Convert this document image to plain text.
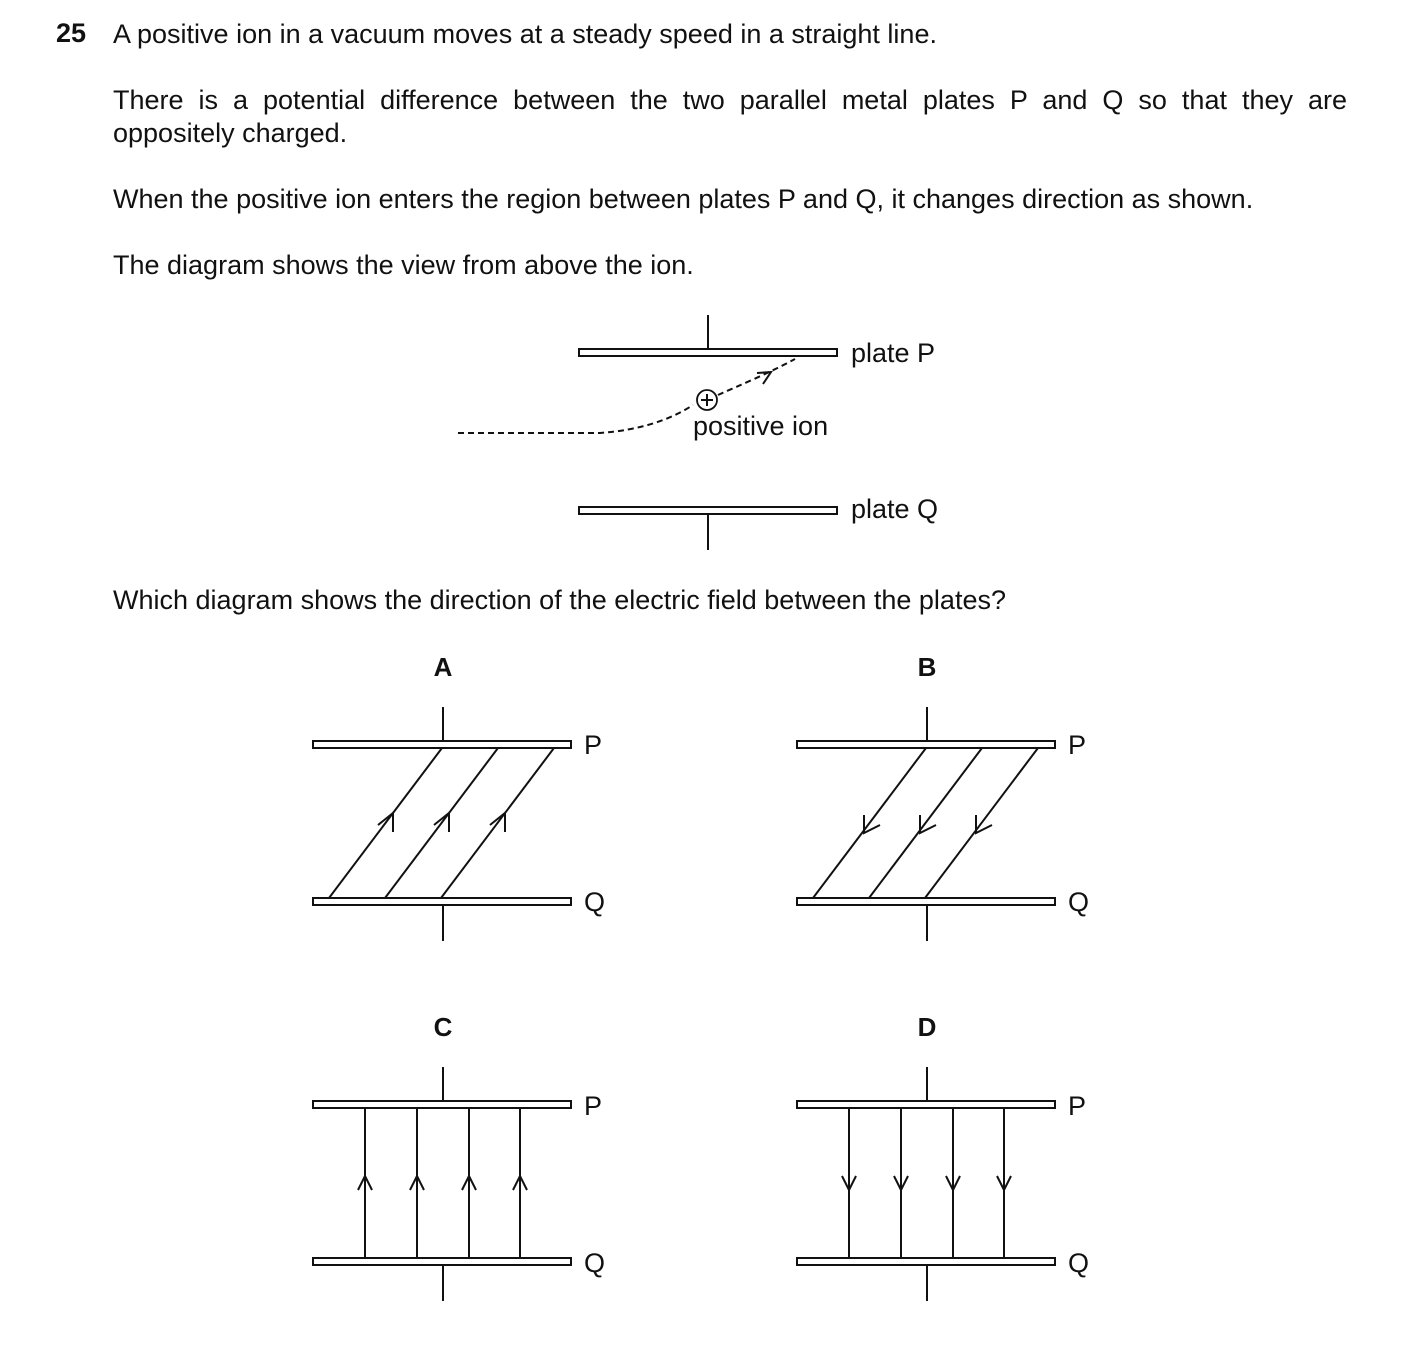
25 A positive ion in a vacuum moves at a steady speed in a straight line.
There is a potential difference between the two parallel metal plates P and Q so that they are oppositely charged.
When the positive ion enters the region between plates P and Q, it changes direction as shown.
The diagram shows the view from above the ion.
Which diagram shows the direction of the electric field between the plates?
plate P
positive ion
plate Q
A
P
Q
B
P
Q
C
P
Q
D
P
Q
